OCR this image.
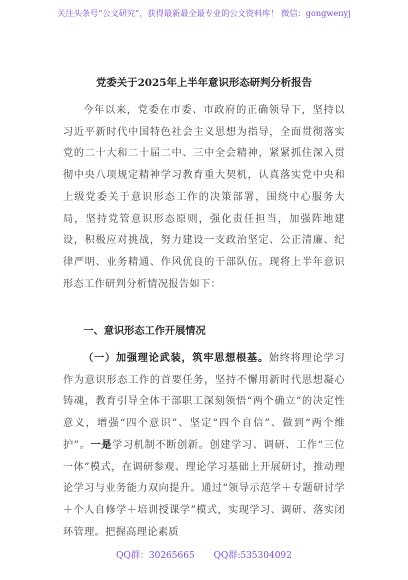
关注头条号“公文研究”，获得最新最全最专业的公文资料库！ 微信：gongwenyj
党委关于2025年上半年意识形态研判分析报告

今年以来，党委在市委、市政府的正确领导下，坚持以习近平新时代中国特色社会主义思想为指导，全面贯彻落实党的二十大和二十届二中、三中全会精神，紧紧抓住深入贯彻中央八项规定精神学习教育重大契机，认真落实党中央和上级党委关于意识形态工作的决策部署，围绕中心服务大局，坚持党管意识形态原则，强化责任担当，加强阵地建设，积极应对挑战，努力建设一支政治坚定、公正清廉、纪律严明、业务精通、作风优良的干部队伍。现将上半年意识形态工作研判分析情况报告如下：

一、意识形态工作开展情况

（一）加强理论武装，筑牢思想根基。始终将理论学习作为意识形态工作的首要任务，坚持不懈用新时代思想凝心铸魂，教育引导全体干部职工深刻领悟“两个确立”的决定性意义，增强“四个意识”、坚定“四个自信”、做到“两个维护”。一是学习机制不断创新。创建学习、调研、工作“三位一体”模式，在调研参观、理论学习基础上开展研讨，推动理论学习与业务能力双向提升。通过“领导示范学＋专题研讨学＋个人自修学＋培训授课学”模式，实现学习、调研、落实闭环管理。把握高理论素质

QQ群：30265665 QQ群:535304092
